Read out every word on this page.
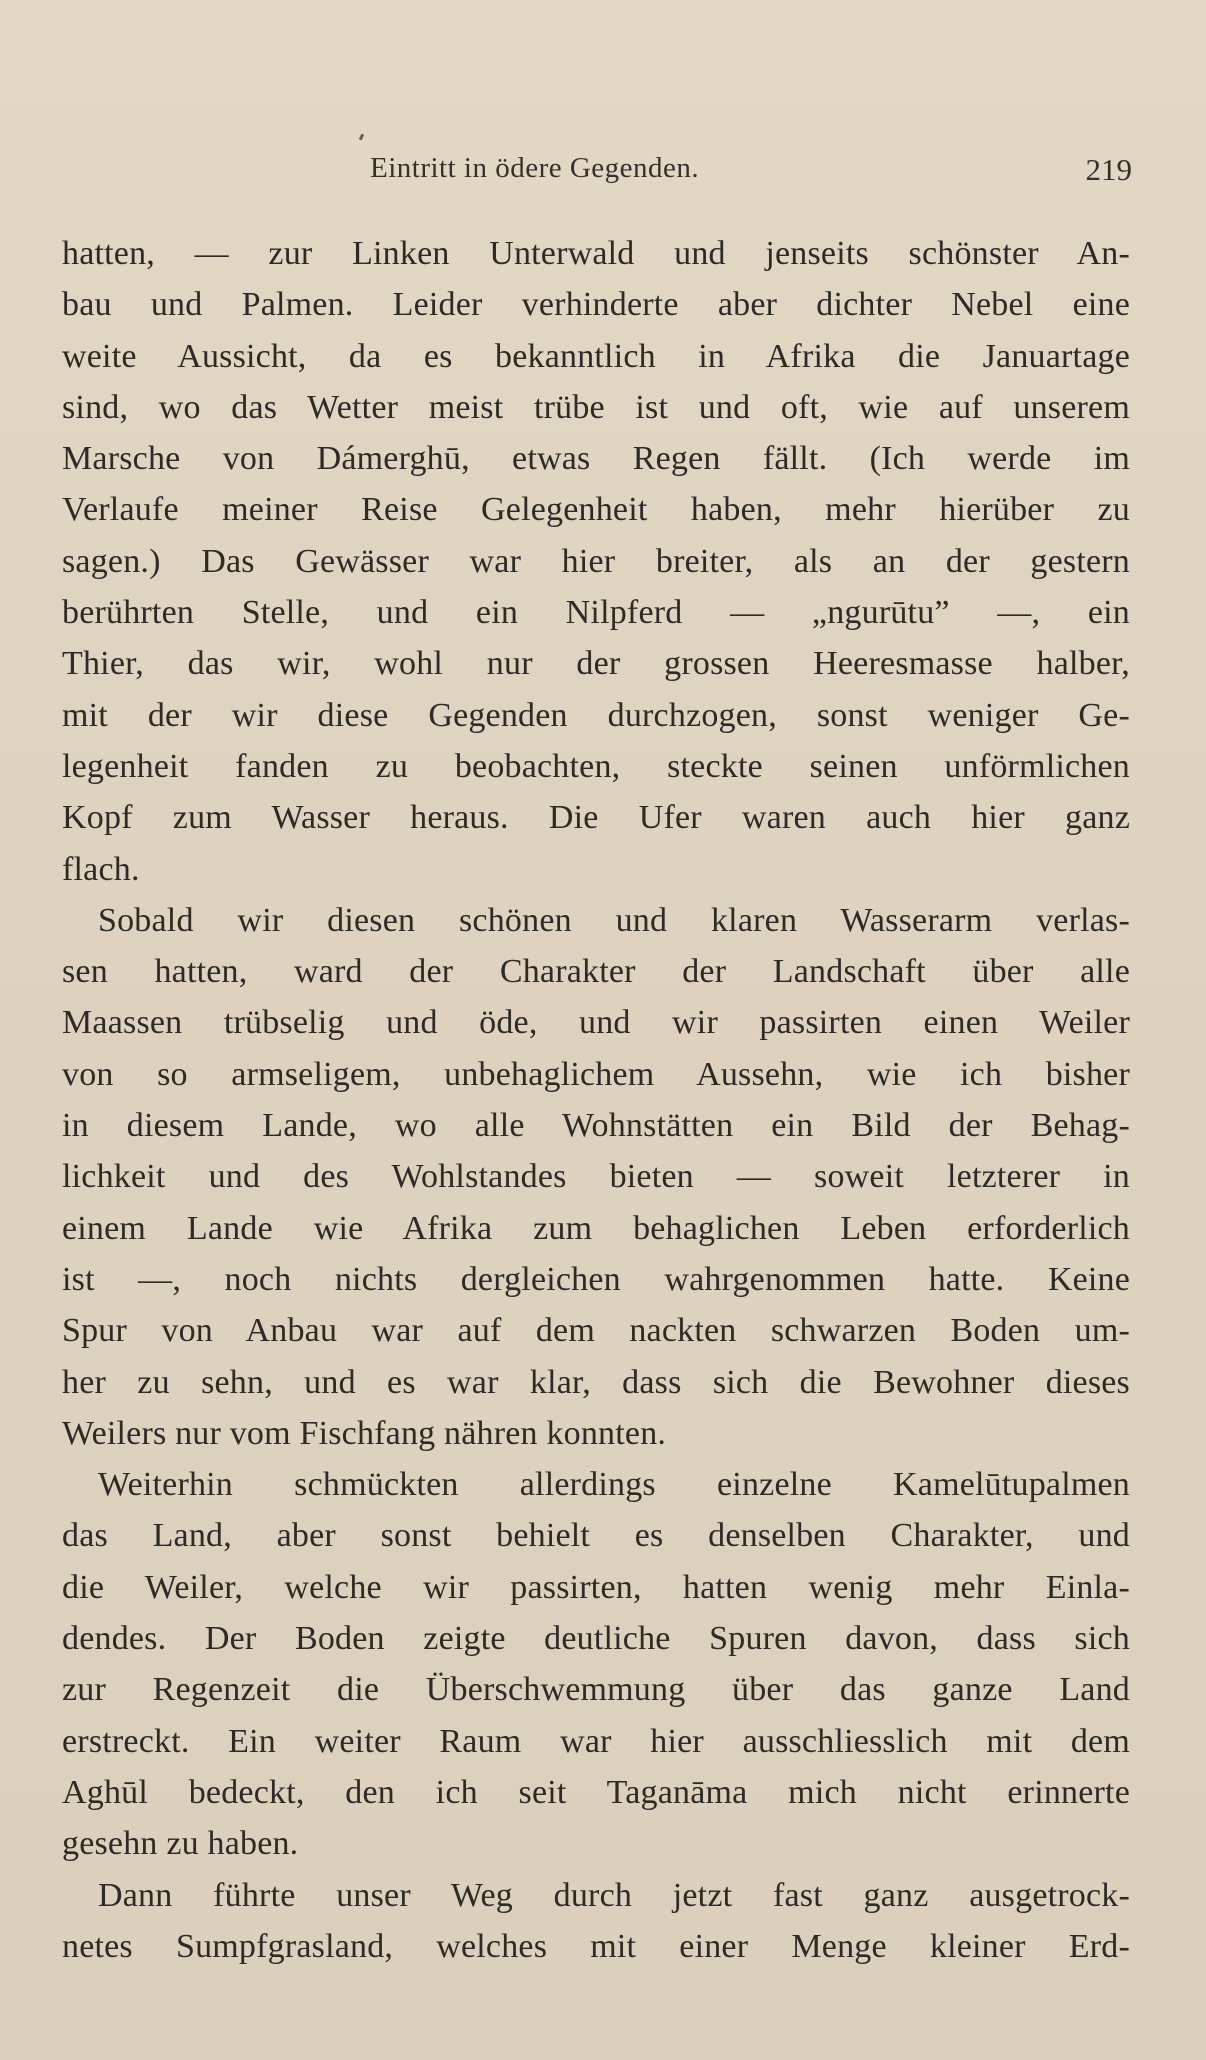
Eintritt in ödere Gegenden.	219
hatten, — zur Linken Unterwald und jenseits schönster An-
bau und Palmen. Leider verhinderte aber dichter Nebel eine
weite Aussicht, da es bekanntlich in Afrika die Januartage
sind, wo das Wetter meist trübe ist und oft, wie auf unserem
Marsche von Dámerghū, etwas Regen fällt. (Ich werde im
Verlaufe meiner Reise Gelegenheit haben, mehr hierüber zu
sagen.) Das Gewässer war hier breiter, als an der gestern
berührten Stelle, und ein Nilpferd — „ngurūtu” —, ein
Thier, das wir, wohl nur der grossen Heeresmasse halber,
mit der wir diese Gegenden durchzogen, sonst weniger Ge-
legenheit fanden zu beobachten, steckte seinen unförmlichen
Kopf zum Wasser heraus. Die Ufer waren auch hier ganz
flach.
Sobald wir diesen schönen und klaren Wasserarm verlas-
sen hatten, ward der Charakter der Landschaft über alle
Maassen trübselig und öde, und wir passirten einen Weiler
von so armseligem, unbehaglichem Aussehn, wie ich bisher
in diesem Lande, wo alle Wohnstätten ein Bild der Behag-
lichkeit und des Wohlstandes bieten — soweit letzterer in
einem Lande wie Afrika zum behaglichen Leben erforderlich
ist —, noch nichts dergleichen wahrgenommen hatte. Keine
Spur von Anbau war auf dem nackten schwarzen Boden um-
her zu sehn, und es war klar, dass sich die Bewohner dieses
Weilers nur vom Fischfang nähren konnten.
Weiterhin schmückten allerdings einzelne Kamelūtupalmen
das Land, aber sonst behielt es denselben Charakter, und
die Weiler, welche wir passirten, hatten wenig mehr Einla-
dendes. Der Boden zeigte deutliche Spuren davon, dass sich
zur Regenzeit die Überschwemmung über das ganze Land
erstreckt. Ein weiter Raum war hier ausschliesslich mit dem
Aghūl bedeckt, den ich seit Taganāma mich nicht erinnerte
gesehn zu haben.
Dann führte unser Weg durch jetzt fast ganz ausgetrock-
netes Sumpfgrasland, welches mit einer Menge kleiner Erd-
